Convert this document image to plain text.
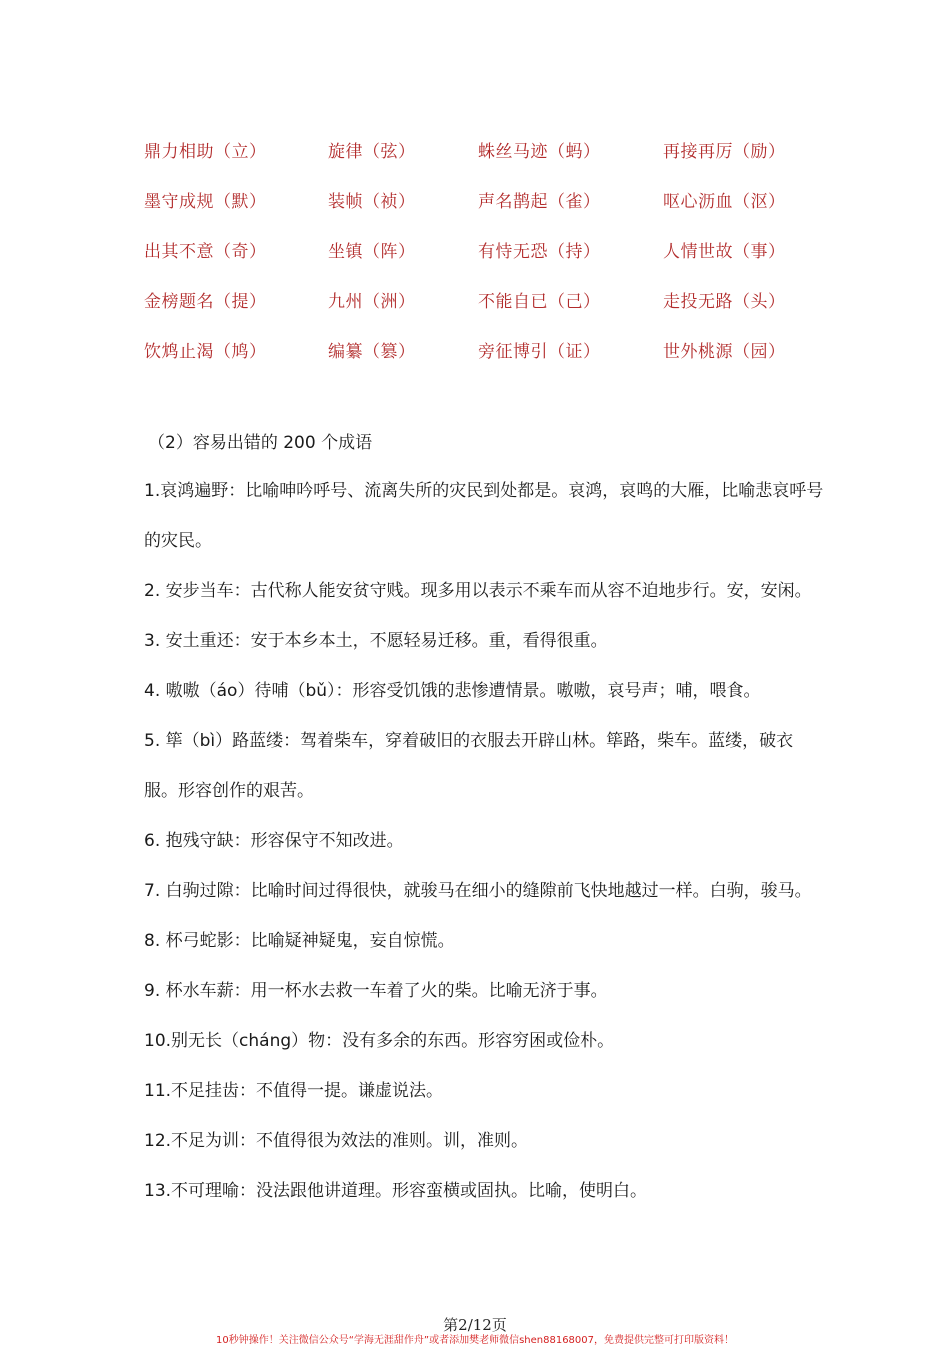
鼎力相助（立）	旋律（弦）	蛛丝马迹（蚂）	再接再厉（励）
墨守成规（默）	装帧（祯）	声名鹊起（雀）	呕心沥血（沤）
出其不意（奇）	坐镇（阵）	有恃无恐（持）	人情世故（事）
金榜题名（提）	九州（洲）	不能自已（己）	走投无路（头）
饮鸩止渴（鸠）	编纂（篡）	旁征博引（证）	世外桃源（园）
（2）容易出错的 200 个成语

1.哀鸿遍野：比喻呻吟呼号、流离失所的灾民到处都是。哀鸿，哀鸣的大雁，比喻悲哀呼号的灾民。

2. 安步当车：古代称人能安贫守贱。现多用以表示不乘车而从容不迫地步行。安，安闲。

3. 安土重还：安于本乡本土，不愿轻易迁移。重，看得很重。

4. 嗷嗷（áo）待哺（bǔ）：形容受饥饿的悲惨遭情景。嗷嗷，哀号声；哺，喂食。

5. 筚（bì）路蓝缕：驾着柴车，穿着破旧的衣服去开辟山林。筚路，柴车。蓝缕，破衣服。形容创作的艰苦。

6. 抱残守缺：形容保守不知改进。

7. 白驹过隙：比喻时间过得很快，就骏马在细小的缝隙前飞快地越过一样。白驹，骏马。

8. 杯弓蛇影：比喻疑神疑鬼，妄自惊慌。

9. 杯水车薪：用一杯水去救一车着了火的柴。比喻无济于事。

10.别无长（cháng）物：没有多余的东西。形容穷困或俭朴。

11.不足挂齿：不值得一提。谦虚说法。

12.不足为训：不值得很为效法的准则。训，准则。

13.不可理喻：没法跟他讲道理。形容蛮横或固执。比喻，使明白。

第2/12页
10秒钟操作！关注微信公众号“学海无涯甜作舟”或者添加樊老师微信shen88168007，免费提供完整可打印版资料！
